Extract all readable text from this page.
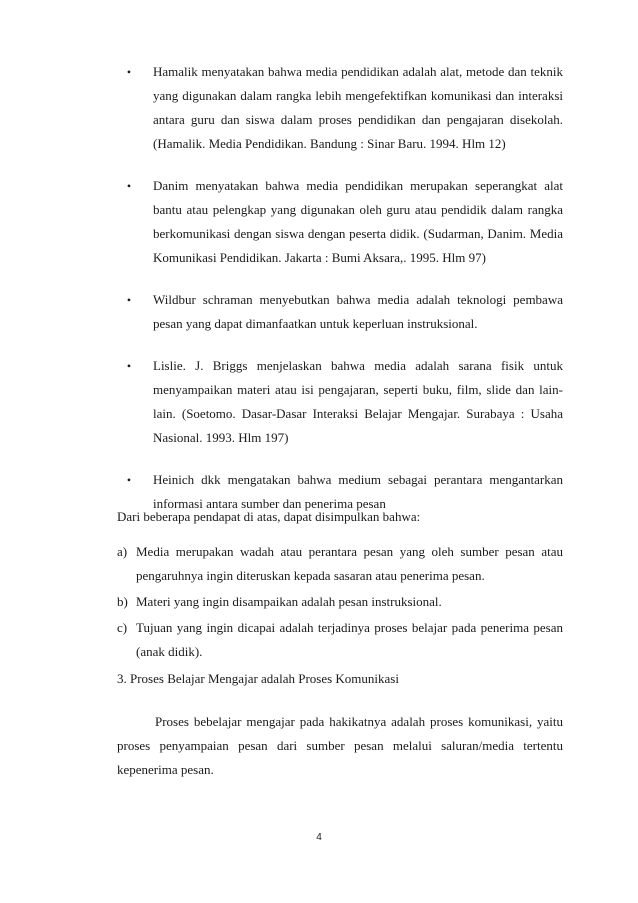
•	Hamalik menyatakan bahwa media pendidikan adalah alat, metode dan teknik yang digunakan dalam rangka lebih mengefektifkan komunikasi dan interaksi antara guru dan siswa dalam proses pendidikan dan pengajaran disekolah. (Hamalik. Media Pendidikan. Bandung : Sinar Baru. 1994. Hlm 12)
•	Danim menyatakan bahwa media pendidikan merupakan seperangkat alat bantu atau pelengkap yang digunakan oleh guru atau pendidik dalam rangka berkomunikasi dengan siswa dengan peserta didik. (Sudarman, Danim. Media Komunikasi Pendidikan. Jakarta : Bumi Aksara,. 1995. Hlm 97)
•	Wildbur schraman menyebutkan bahwa media adalah teknologi pembawa pesan yang dapat dimanfaatkan untuk keperluan instruksional.
•	Lislie. J. Briggs menjelaskan bahwa media adalah sarana fisik untuk menyampaikan materi atau isi pengajaran, seperti buku, film, slide dan lain-lain. (Soetomo. Dasar-Dasar Interaksi Belajar Mengajar. Surabaya : Usaha Nasional. 1993. Hlm 197)
•	Heinich dkk mengatakan bahwa medium sebagai perantara mengantarkan informasi antara sumber dan penerima pesan

Dari beberapa pendapat di atas, dapat disimpulkan bahwa:

a) Media merupakan wadah atau perantara pesan yang oleh sumber pesan atau pengaruhnya ingin diteruskan kepada sasaran atau penerima pesan.
b) Materi yang ingin disampaikan adalah pesan instruksional.
c) Tujuan yang ingin dicapai adalah terjadinya proses belajar pada penerima pesan (anak didik).

3. Proses Belajar Mengajar adalah Proses Komunikasi

Proses bebelajar mengajar pada hakikatnya adalah proses komunikasi, yaitu proses penyampaian pesan dari sumber pesan melalui saluran/media tertentu kepenerima pesan.

4
